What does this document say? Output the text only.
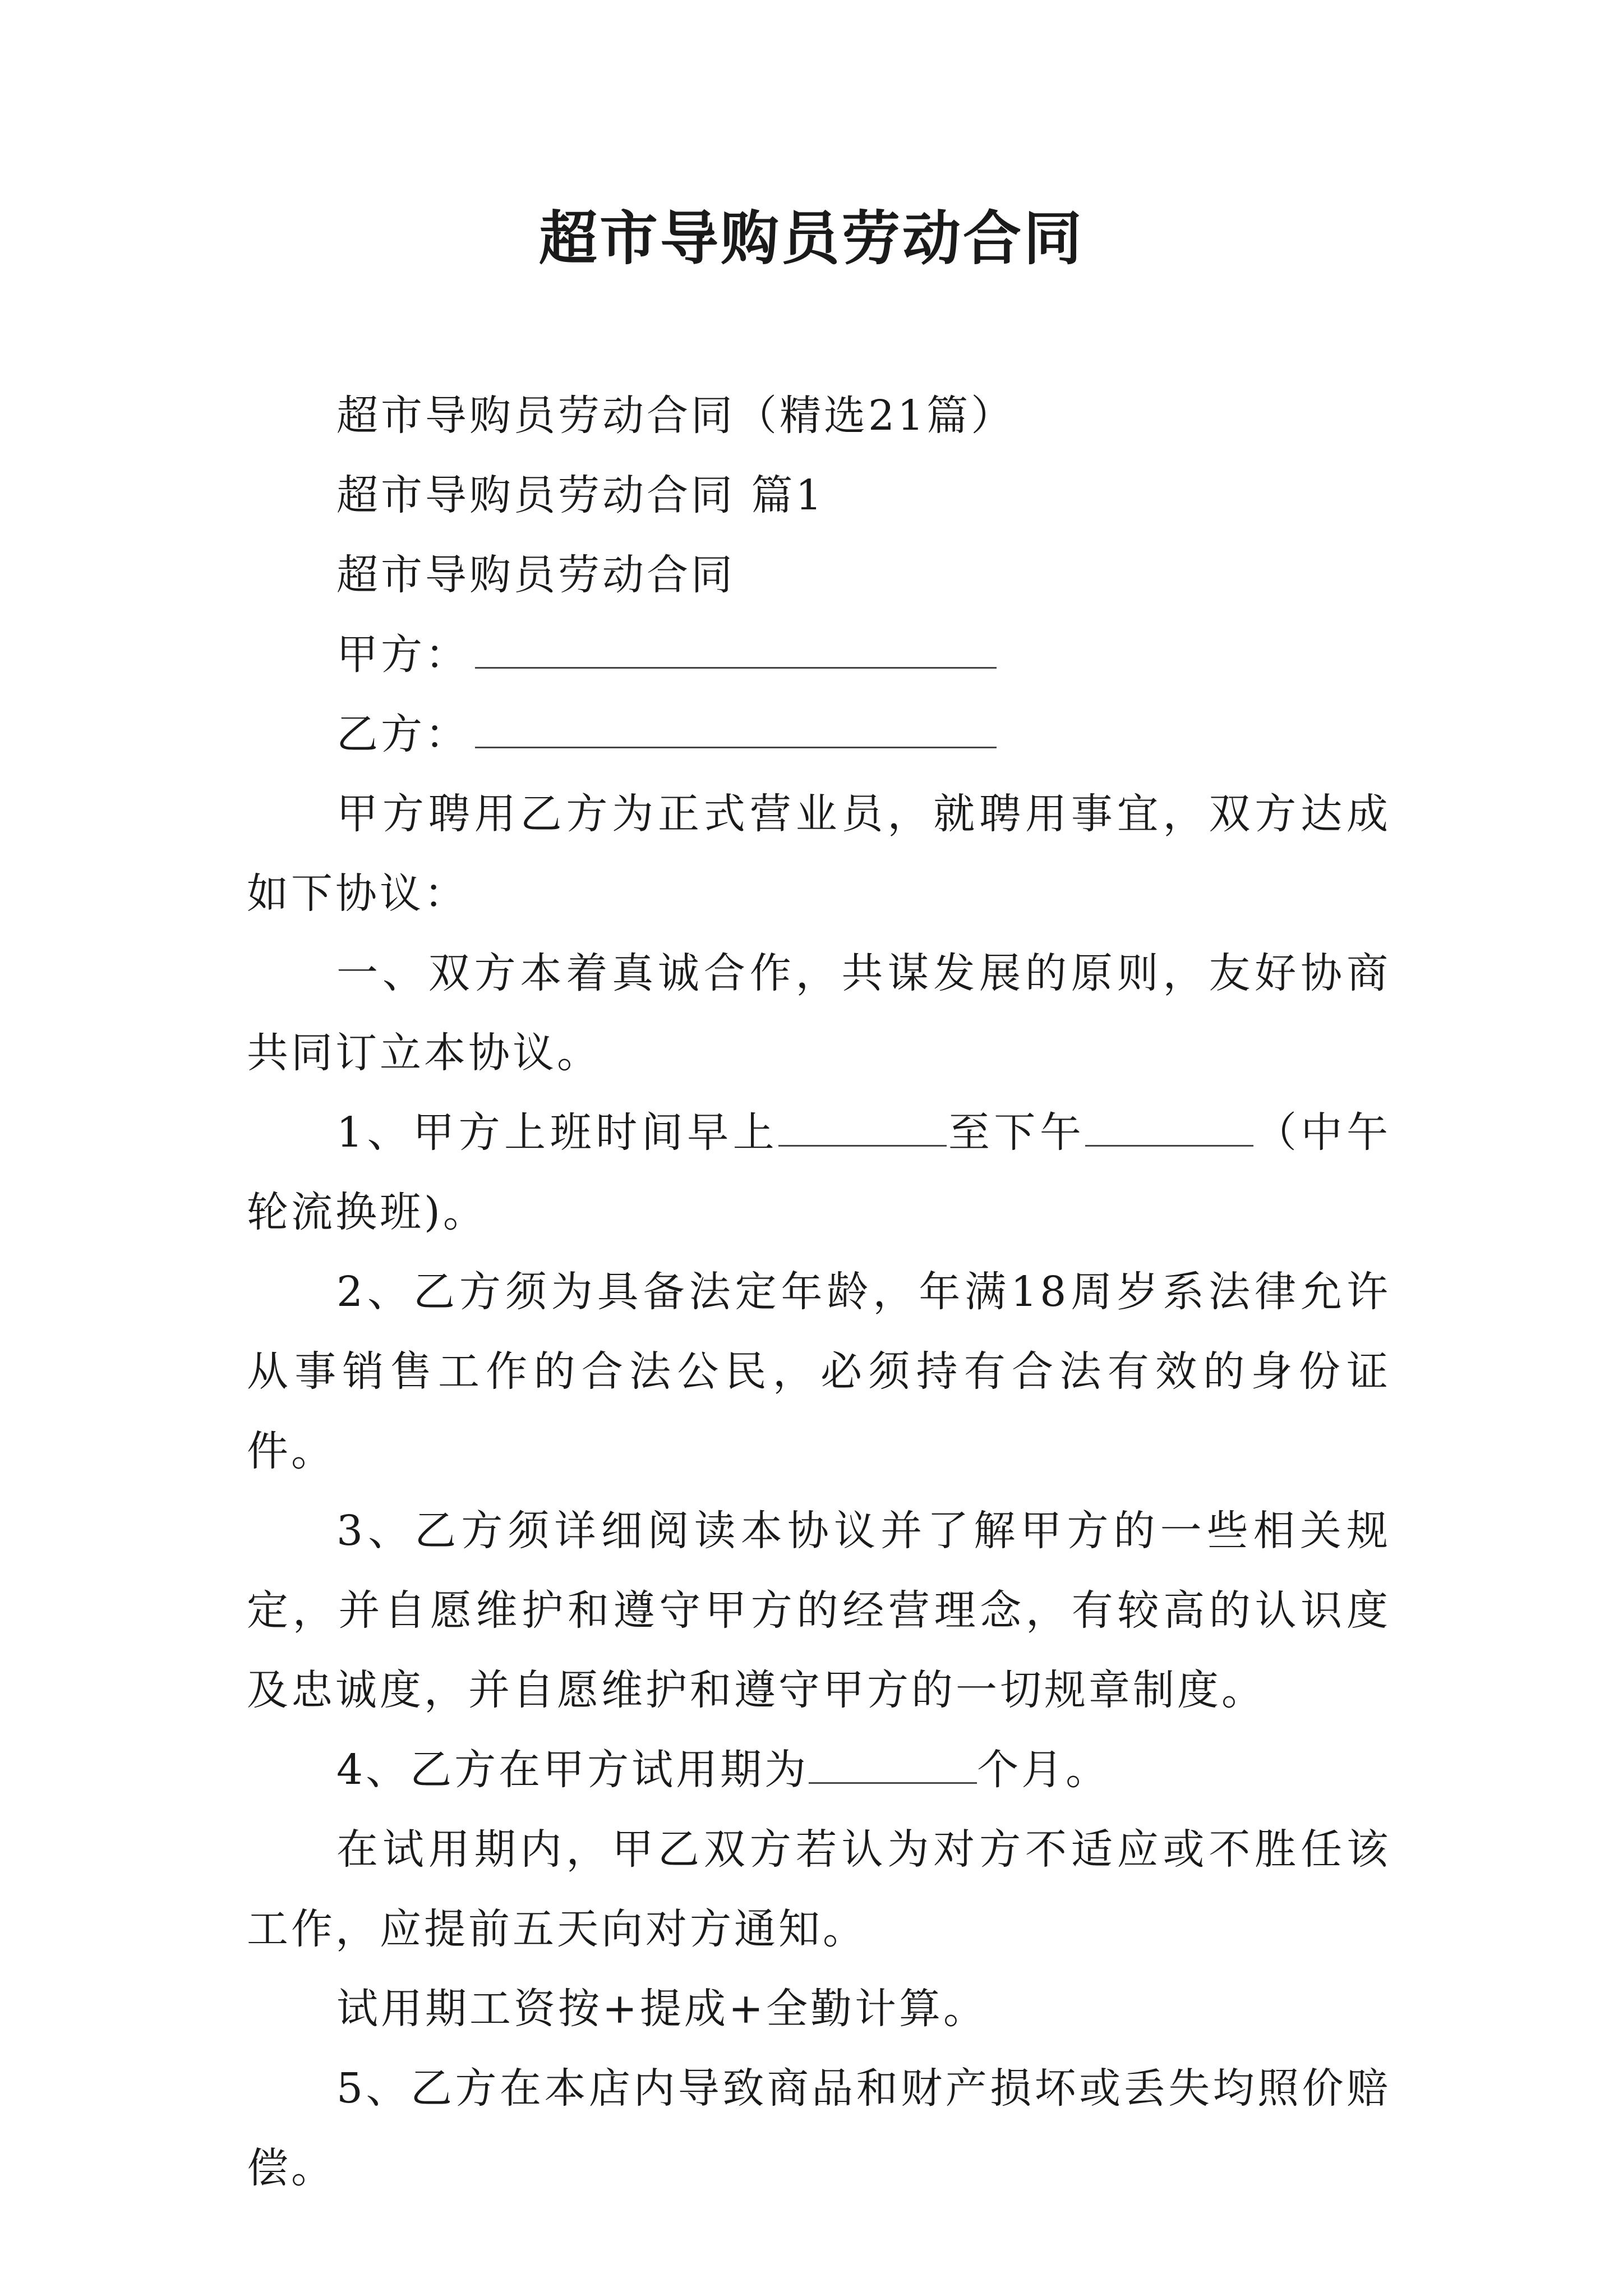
超市导购员劳动合同

超市导购员劳动合同（精选21篇）

超市导购员劳动合同 篇1

超市导购员劳动合同

甲方：

乙方：

甲方聘用乙方为正式营业员，就聘用事宜，双方达成如下协议：

一、双方本着真诚合作，共谋发展的原则，友好协商共同订立本协议。

1、甲方上班时间早上	至下午	（中午轮流换班)。

2、乙方须为具备法定年龄，年满18周岁系法律允许从事销售工作的合法公民，必须持有合法有效的身份证件。

3、乙方须详细阅读本协议并了解甲方的一些相关规定，并自愿维护和遵守甲方的经营理念，有较高的认识度及忠诚度，并自愿维护和遵守甲方的一切规章制度。

4、乙方在甲方试用期为	个月。

在试用期内，甲乙双方若认为对方不适应或不胜任该工作，应提前五天向对方通知。

试用期工资按+提成+全勤计算。

5、乙方在本店内导致商品和财产损坏或丢失均照价赔偿。
